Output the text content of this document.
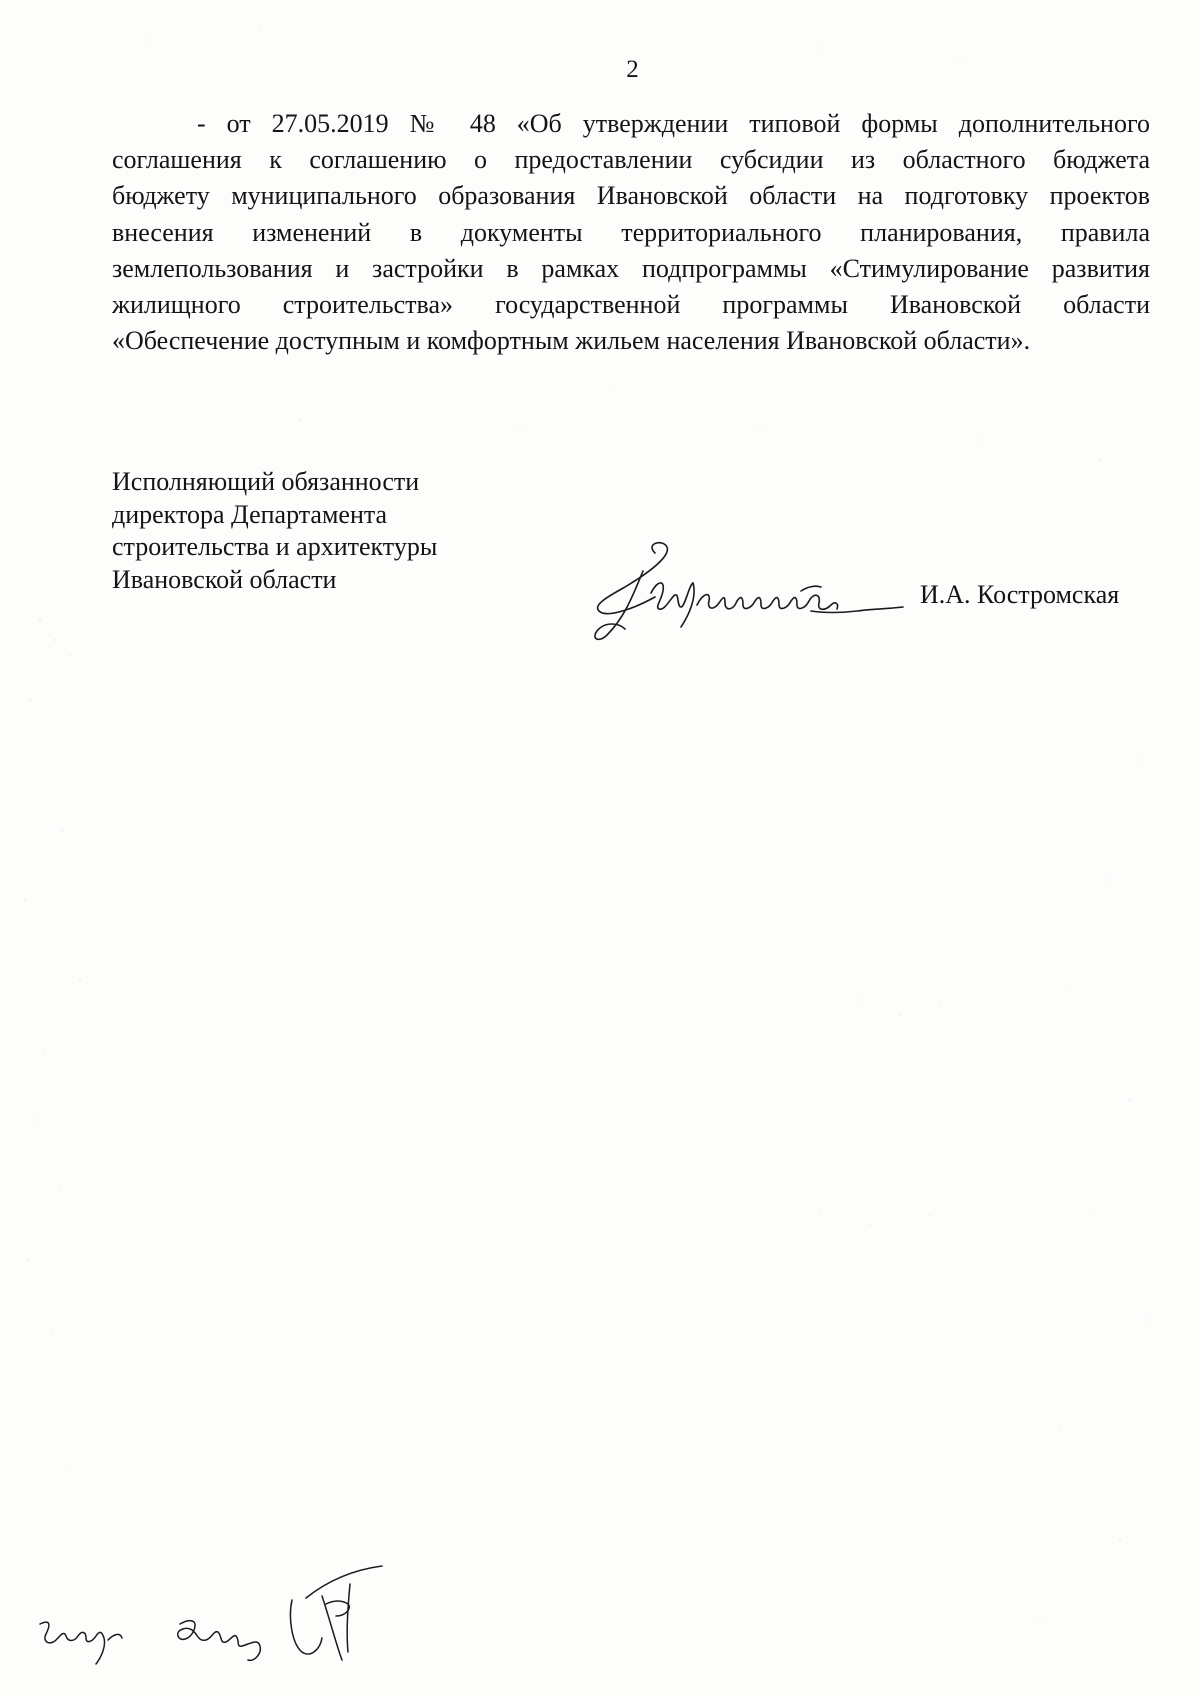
2
- от 27.05.2019 № 48 «Об утверждении типовой формы дополнительного
соглашения к соглашению о предоставлении субсидии из областного бюджета
бюджету муниципального образования Ивановской области на подготовку проектов
внесения изменений в документы территориального планирования, правила
землепользования и застройки в рамках подпрограммы «Стимулирование развития
жилищного строительства» государственной программы Ивановской области
«Обеспечение доступным и комфортным жильем населения Ивановской области».
Исполняющий обязанности
директора Департамента
строительства и архитектуры
Ивановской области
И.А. Костромская
